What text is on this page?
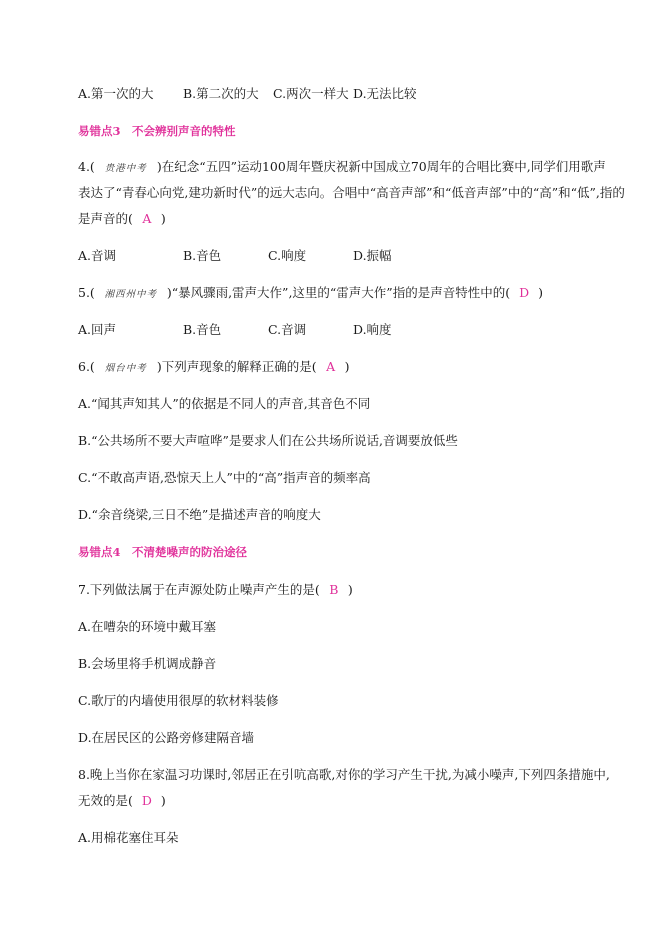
A.第一次的大 B.第二次的大 C.两次一样大 D.无法比较
易错点3　不会辨别声音的特性
4.( 贵港中考 )在纪念“五四”运动100周年暨庆祝新中国成立70周年的合唱比赛中,同学们用歌声
表达了“青春心向党,建功新时代”的远大志向。合唱中“高音声部”和“低音声部”中的“高”和“低”,指的
是声音的( A )
A.音调	B.音色	C.响度	D.振幅
5.( 湘西州中考 )“暴风骤雨,雷声大作”,这里的“雷声大作”指的是声音特性中的( D )
A.回声	B.音色	C.音调	D.响度
6.( 烟台中考 )下列声现象的解释正确的是( A )
A.“闻其声知其人”的依据是不同人的声音,其音色不同
B.“公共场所不要大声喧哗”是要求人们在公共场所说话,音调要放低些
C.“不敢高声语,恐惊天上人”中的“高”指声音的频率高
D.“余音绕梁,三日不绝”是描述声音的响度大
易错点4　不清楚噪声的防治途径
7.下列做法属于在声源处防止噪声产生的是( B )
A.在嘈杂的环境中戴耳塞
B.会场里将手机调成静音
C.歌厅的内墙使用很厚的软材料装修
D.在居民区的公路旁修建隔音墙
8.晚上当你在家温习功课时,邻居正在引吭高歌,对你的学习产生干扰,为减小噪声,下列四条措施中,
无效的是( D )
A.用棉花塞住耳朵
